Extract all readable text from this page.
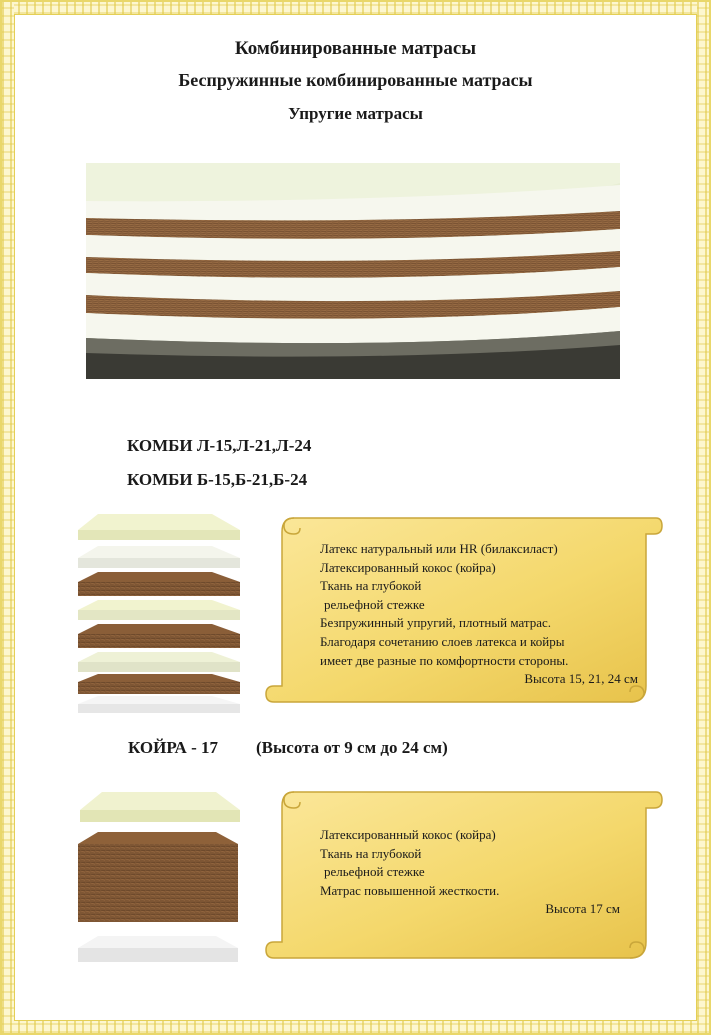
Комбинированные матрасы
Беспружинные комбинированные матрасы
Упругие матрасы

КОМБИ Л-15,Л-21,Л-24

КОМБИ Б-15,Б-21,Б-24

Латекс натуральный или HR (билаксиласт)
Латексированный кокос (койра)
Ткань на глубокой
рельефной стежке
Безпружинный упругий, плотный матрас.
Благодаря сочетанию слоев латекса и койры
имеет две разные по комфортности стороны.
Высота 15, 21, 24 см

КОЙРА - 17 (Высота от 9 см до 24 см)

Латексированный кокос (койра)
Ткань на глубокой
рельефной стежке
Матрас повышенной жесткости.
Высота 17 см
